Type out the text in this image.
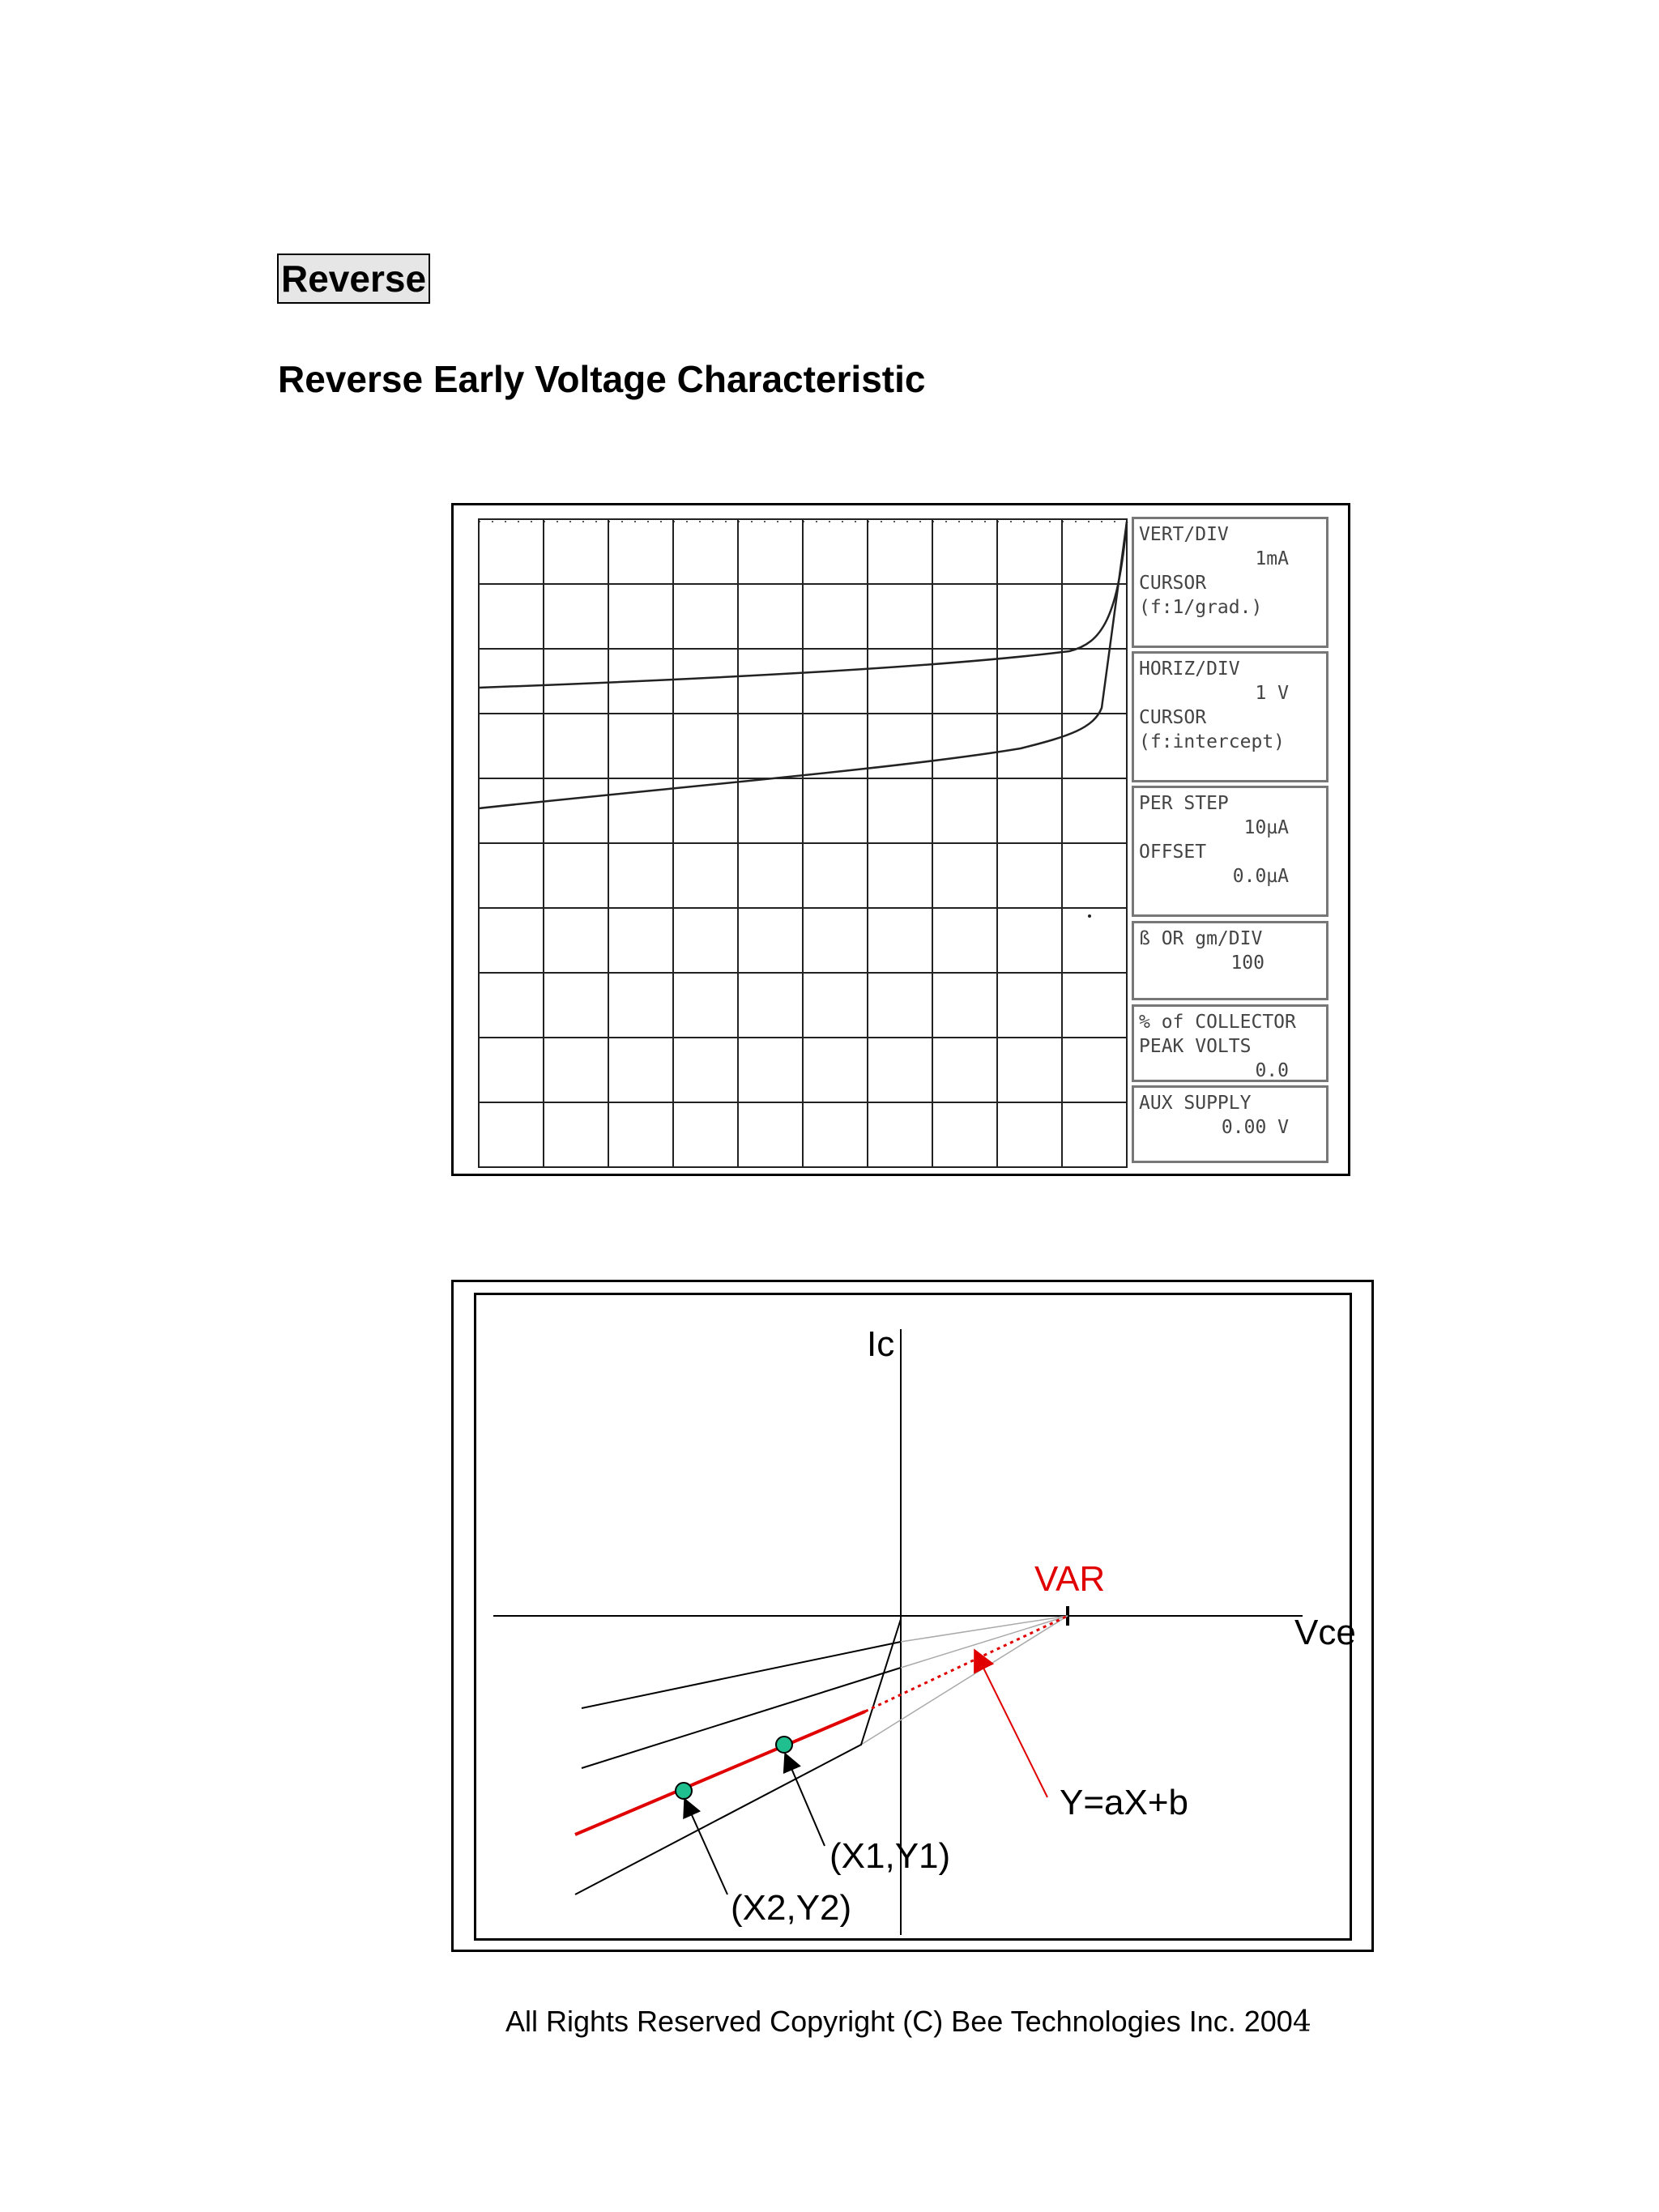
Reverse
Reverse Early Voltage Characteristic
VERT/DIV
1mA
CURSOR
(f:1/grad.)
HORIZ/DIV
1 V
CURSOR
(f:intercept)
PER STEP
10µA
OFFSET
0.0µA
ß OR gm/DIV
100
% of COLLECTOR
PEAK VOLTS
0.0
AUX SUPPLY
0.00 V
Ic
Vce
VAR
Y=aX+b
(X1,Y1)
(X2,Y2)
All Rights Reserved Copyright (C) Bee Technologies Inc. 2004
